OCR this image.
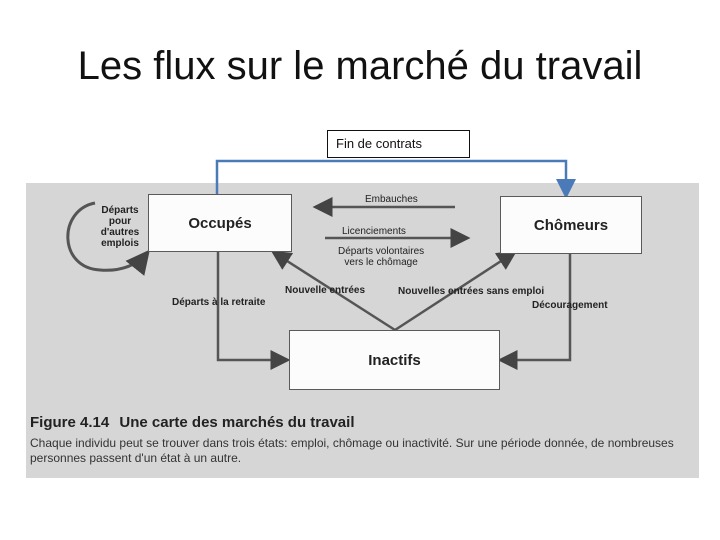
Les flux sur le marché du travail
Occupés	Chômeurs
Inactifs
Départs
pour
d'autres
emplois
Embauches
Licenciements
Départs volontaires
vers le chômage
Départs à la retraite
Nouvelle entrées	Nouvelles entrées sans emploi
Découragement
Fin de contrats
Figure 4.14 Une carte des marchés du travail
Chaque individu peut se trouver dans trois états: emploi, chômage ou inactivité. Sur une période donnée, de nombreuses personnes passent d'un état à un autre.
